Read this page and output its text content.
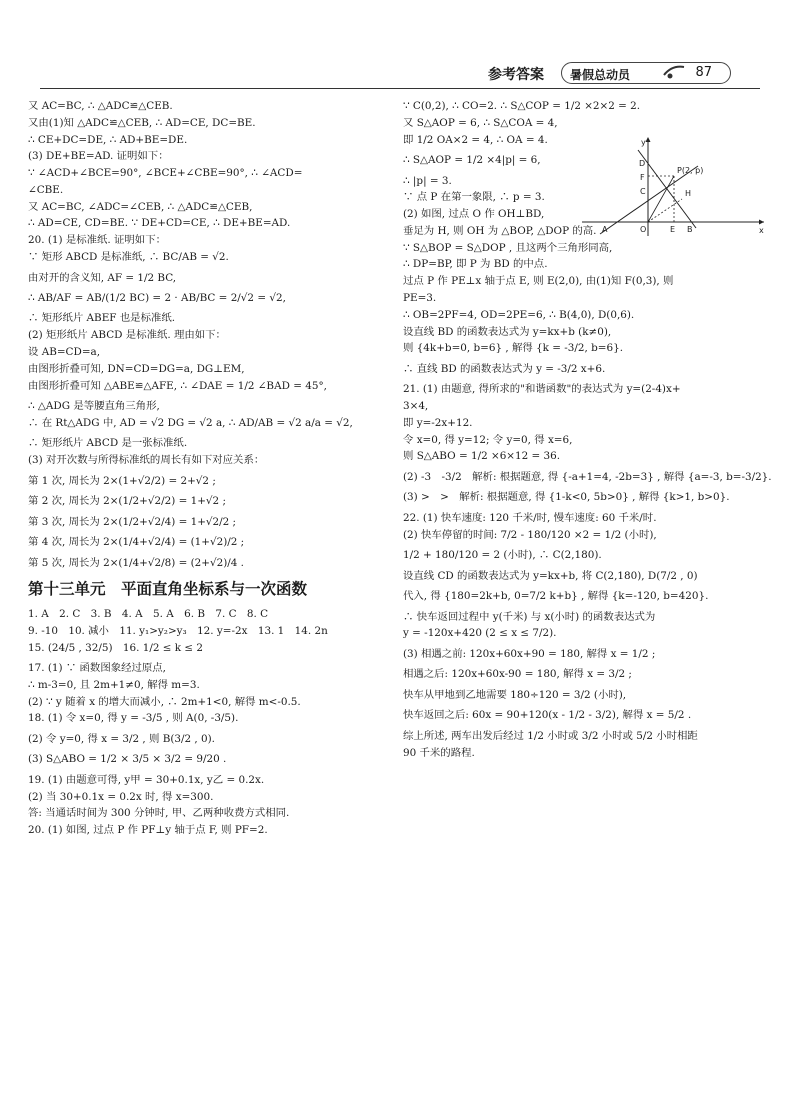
参考答案 暑假总动员	87

又 AC=BC, ∴ △ADC≌△CEB.

又由(1)知 △ADC≌△CEB, ∴ AD=CE, DC=BE.

∴ CE+DC=DE, ∴ AD+BE=DE.

(3) DE+BE=AD. 证明如下：

∵ ∠ACD+∠BCE=90°, ∠BCE+∠CBE=90°, ∴ ∠ACD=

∠CBE.

又 AC=BC, ∠ADC=∠CEB, ∴ △ADC≌△CEB,

∴ AD=CE, CD=BE. ∵ DE+CD=CE, ∴ DE+BE=AD.

20. (1) 是标准纸. 证明如下：

∵ 矩形 ABCD 是标准纸, ∴ BC/AB = √2.

由对开的含义知, AF = 1/2 BC,

∴ AB/AF = AB/(1/2 BC) = 2 · AB/BC = 2/√2 = √2,

∴ 矩形纸片 ABEF 也是标准纸.

(2) 矩形纸片 ABCD 是标准纸. 理由如下：

设 AB=CD=a,

由图形折叠可知, DN=CD=DG=a, DG⊥EM,

由图形折叠可知 △ABE≌△AFE, ∴ ∠DAE = 1/2 ∠BAD = 45°,

∴ △ADG 是等腰直角三角形,

∴ 在 Rt△ADG 中, AD = √2 DG = √2 a, ∴ AD/AB = √2 a/a = √2,

∴ 矩形纸片 ABCD 是一张标准纸.

(3) 对开次数与所得标准纸的周长有如下对应关系：

第 1 次, 周长为 2×(1+√2/2) = 2+√2 ;

第 2 次, 周长为 2×(1/2+√2/2) = 1+√2 ;

第 3 次, 周长为 2×(1/2+√2/4) = 1+√2/2 ;

第 4 次, 周长为 2×(1/4+√2/4) = (1+√2)/2 ;

第 5 次, 周长为 2×(1/4+√2/8) = (2+√2)/4 .

第十三单元　平面直角坐标系与一次函数

1. A　2. C　3. B　4. A　5. A　6. B　7. C　8. C

9. -10　10. 减小　11. y₁>y₂>y₃　12. y=-2x　13. 1　14. 2n

15. (24/5 , 32/5)　16. 1/2 ≤ k ≤ 2

17. (1) ∵ 函数图象经过原点,

∴ m-3=0, 且 2m+1≠0, 解得 m=3.

(2) ∵ y 随着 x 的增大而减小, ∴ 2m+1<0, 解得 m<-0.5.

18. (1) 令 x=0, 得 y = -3/5 , 则 A(0, -3/5).

(2) 令 y=0, 得 x = 3/2 , 则 B(3/2 , 0).

(3) S△ABO = 1/2 × 3/5 × 3/2 = 9/20 .

19. (1) 由题意可得, y甲 = 30+0.1x, y乙 = 0.2x.

(2) 当 30+0.1x = 0.2x 时, 得 x=300.

答: 当通话时间为 300 分钟时, 甲、乙两种收费方式相同.

20. (1) 如图, 过点 P 作 PF⊥y 轴于点 F, 则 PF=2.

∵ C(0,2), ∴ CO=2. ∴ S△COP = 1/2 ×2×2 = 2.

又 S△AOP = 6, ∴ S△COA = 4,

即 1/2 OA×2 = 4, ∴ OA = 4.

∴ S△AOP = 1/2 ×4|p| = 6,

∴ |p| = 3.

∵ 点 P 在第一象限, ∴ p = 3.

(2) 如图, 过点 O 作 OH⊥BD,

垂足为 H, 则 OH 为 △BOP, △DOP 的高.

∵ S△BOP = S△DOP , 且这两个三角形同高,

∴ DP=BP, 即 P 为 BD 的中点.

过点 P 作 PE⊥x 轴于点 E, 则 E(2,0), 由(1)知 F(0,3), 则

PE=3.

∴ OB=2PF=4, OD=2PE=6, ∴ B(4,0), D(0,6).

设直线 BD 的函数表达式为 y=kx+b (k≠0),

则 {4k+b=0, b=6} , 解得 {k = -3/2, b=6}.

∴ 直线 BD 的函数表达式为 y = -3/2 x+6.

21. (1) 由题意, 得所求的"和谐函数"的表达式为 y=(2-4)x+

3×4,

即 y=-2x+12.

令 x=0, 得 y=12; 令 y=0, 得 x=6,

则 S△ABO = 1/2 ×6×12 = 36.

(2) -3　-3/2　解析: 根据题意, 得 {-a+1=4, -2b=3} , 解得 {a=-3, b=-3/2}.

(3) >　>　解析: 根据题意, 得 {1-k<0, 5b>0} , 解得 {k>1, b>0}.

22. (1) 快车速度: 120 千米/时, 慢车速度: 60 千米/时.

(2) 快车停留的时间: 7/2 - 180/120 ×2 = 1/2 (小时),

1/2 + 180/120 = 2 (小时), ∴ C(2,180).

设直线 CD 的函数表达式为 y=kx+b, 将 C(2,180), D(7/2 , 0)

代入, 得 {180=2k+b, 0=7/2 k+b} , 解得 {k=-120, b=420}.

∴ 快车返回过程中 y(千米) 与 x(小时) 的函数表达式为

y = -120x+420 (2 ≤ x ≤ 7/2).

(3) 相遇之前: 120x+60x+90 = 180, 解得 x = 1/2 ;

相遇之后: 120x+60x-90 = 180, 解得 x = 3/2 ;

快车从甲地到乙地需要 180÷120 = 3/2 (小时),

快车返回之后: 60x = 90+120(x - 1/2 - 3/2), 解得 x = 5/2 .

综上所述, 两车出发后经过 1/2 小时或 3/2 小时或 5/2 小时相距

90 千米的路程.

y
x
D
P(2, p)
F
C	H
A	O	E B
